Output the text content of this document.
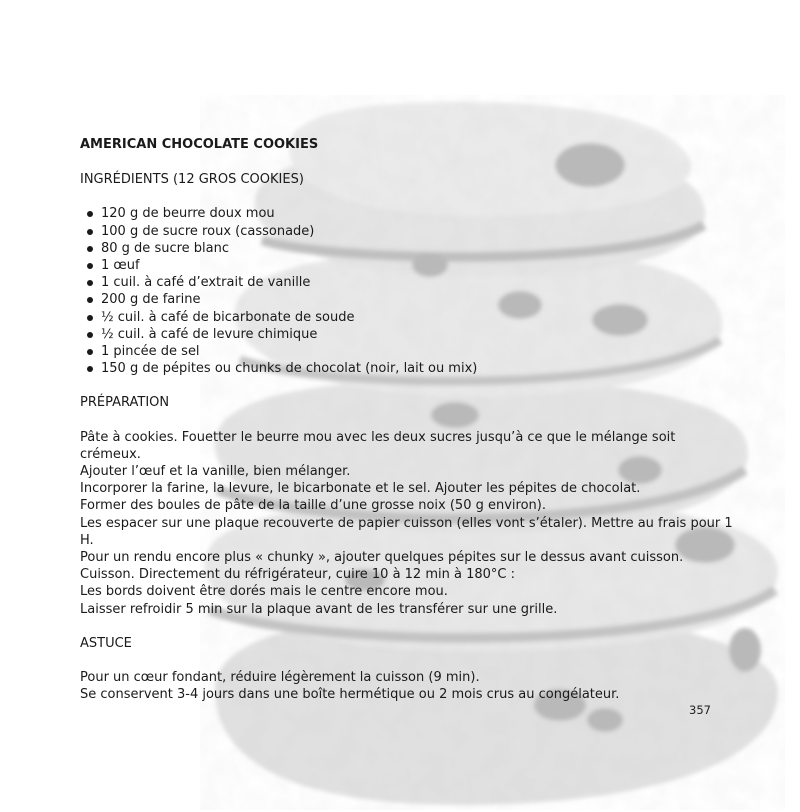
AMERICAN CHOCOLATE COOKIES

INGRÉDIENTS (12 GROS COOKIES)

120 g de beurre doux mou
100 g de sucre roux (cassonade)
80 g de sucre blanc
1 œuf
1 cuil. à café d’extrait de vanille
200 g de farine
½ cuil. à café de bicarbonate de soude
½ cuil. à café de levure chimique
1 pincée de sel
150 g de pépites ou chunks de chocolat (noir, lait ou mix)

PRÉPARATION

Pâte à cookies. Fouetter le beurre mou avec les deux sucres jusqu’à ce que le mélange soit crémeux.

Ajouter l’œuf et la vanille, bien mélanger.

Incorporer la farine, la levure, le bicarbonate et le sel. Ajouter les pépites de chocolat.

Former des boules de pâte de la taille d’une grosse noix (50 g environ).

Les espacer sur une plaque recouverte de papier cuisson (elles vont s’étaler). Mettre au frais pour 1 H.

Pour un rendu encore plus « chunky », ajouter quelques pépites sur le dessus avant cuisson.

Cuisson. Directement du réfrigérateur, cuire 10 à 12 min à 180°C :

Les bords doivent être dorés mais le centre encore mou.

Laisser refroidir 5 min sur la plaque avant de les transférer sur une grille.

ASTUCE

Pour un cœur fondant, réduire légèrement la cuisson (9 min).

Se conservent 3-4 jours dans une boîte hermétique ou 2 mois crus au congélateur.

357
